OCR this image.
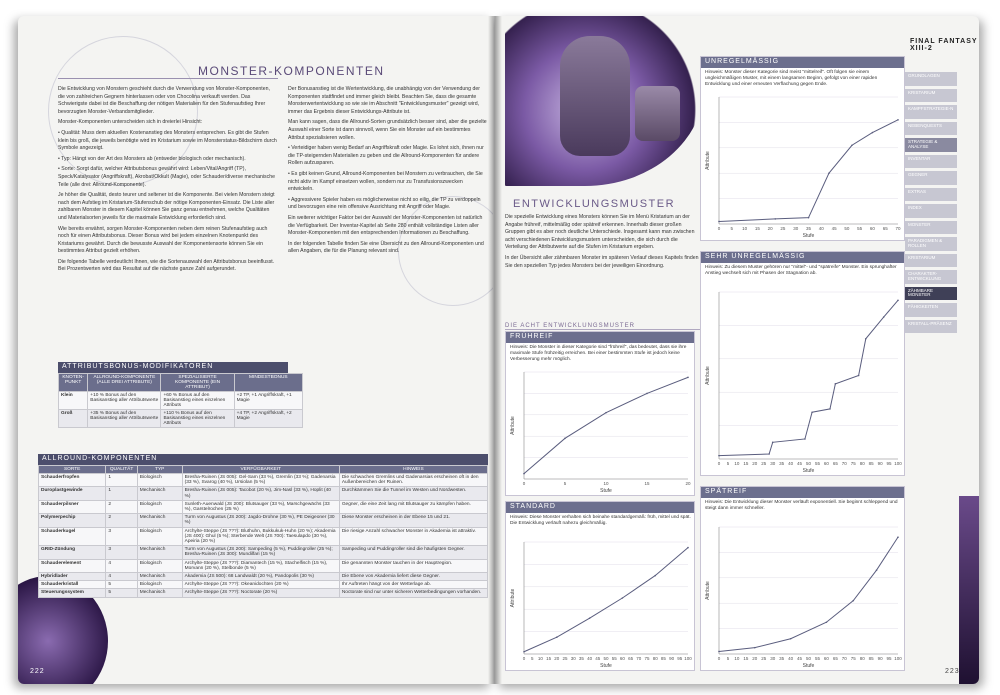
MONSTER-KOMPONENTEN

Die Entwicklung von Monstern geschieht durch die Verwendung von Monster-Komponenten, die von zahlreichen Gegnern hinterlassen oder von Chocolina verkauft werden. Das Schwierigste dabei ist die Beschaffung der nötigen Materialien für den Stufenaufstieg Ihrer bevorzugten Monster-Verbandsmitglieder.

Monster-Komponenten unterscheiden sich in dreierlei Hinsicht:

• Qualität: Muss dem aktuellen Kostenanstieg des Monsters entsprechen. Es gibt die Stufen klein bis groß, die jeweils benötigte wird im Kristarium sowie im Monsterstatus-Bildschirm durch Symbole angezeigt.

• Typ: Hängt von der Art des Monsters ab (entweder biologisch oder mechanisch).

• Sorte: Sorgt dafür, welcher Attributsbonus gewährt wird: Leben/Vital/Angriff (TP), Speck/Katalysator (Angriffskraft), Akrobat/Okkult (Magie), oder Schauder/diverse mechanische Teile (alle drei: Allround-Komponente).

Je höher die Qualität, desto teurer und seltener ist die Komponente. Bei vielen Monstern steigt nach dem Aufstieg im Kristarium-Stufenschub der nötige Komponenten-Einsatz. Die Liste aller zahlbaren Monster in diesem Kapitel können Sie ganz genau entnehmen, welche Qualitäten und Materialsorten jeweils für die maximale Entwicklung erforderlich sind.

Wie bereits erwähnt, sorgen Monster-Komponenten neben dem reinen Stufenaufstieg auch noch für einen Attributsbonus. Dieser Bonus wird bei jedem einzelnen Knotenpunkt des Kristariums gewährt. Durch die bewusste Auswahl der Komponentensorte können Sie ein bestimmtes Attribut gezielt erhöhen.

Die folgende Tabelle verdeutlicht Ihnen, wie die Sortenauswahl den Attributsbonus beeinflusst. Bei Prozentwerten wird das Resultat auf die nächste ganze Zahl aufgerundet.

Der Bonusanstieg ist die Wertentwicklung, die unabhängig von der Verwendung der Komponenten stattfindet und immer gleich bleibt. Beachten Sie, dass die gesamte Monsterwertentwicklung so wie sie im Abschnitt "Entwicklungsmuster" gezeigt wird, immer das Ergebnis dieser Entwicklungs-Attribute ist.

Man kann sagen, dass die Allround-Sorten grundsätzlich besser sind, aber die gezielte Auswahl einer Sorte ist dann sinnvoll, wenn Sie ein Monster auf ein bestimmtes Attribut spezialisieren wollen.

• Verteidiger haben wenig Bedarf an Angriffskraft oder Magie. Es lohnt sich, ihnen nur die TP-steigernden Materialien zu geben und die Allround-Komponenten für andere Rollen aufzusparen.

• Es gibt keinen Grund, Allround-Komponenten bei Monstern zu verbrauchen, die Sie nicht aktiv im Kampf einsetzen wollen, sondern nur zu Transfusionszwecken entwickeln.

• Aggressivere Spieler haben es möglicherweise nicht so eilig, die TP zu verdoppeln und bevorzugen eine rein offensive Ausrichtung mit Angriff oder Magie.

Ein weiterer wichtiger Faktor bei der Auswahl der Monster-Komponenten ist natürlich die Verfügbarkeit. Der Inventar-Kapitel ab Seite 280 enthält vollständige Listen aller Monster-Komponenten mit den entsprechenden Informationen zu Beschaffung.

In der folgenden Tabelle finden Sie eine Übersicht zu den Allround-Komponenten und allen Angaben, die für die Planung relevant sind.

ATTRIBUTSBONUS-MODIFIKATOREN
KNOTEN-PUNKT	ALLROUND-KOMPONENTE (ALLE DREI ATTRIBUTE)	SPEZIALISIERTE KOMPONENTE (EIN ATTRIBUT)	MINDESTBONUS
Klein	+10 % Bonus auf den Basisanstieg aller Attributswerte	+60 % Bonus auf den Basisanstieg eines einzelnen Attributs	+2 TP, +1 Angriffskraft, +1 Magie
Groß	+35 % Bonus auf den Basisanstieg aller Attributswerte	+110 % Bonus auf den Basisanstieg eines einzelnen Attributs	+4 TP, +2 Angriffskraft, +2 Magie
ALLROUND-KOMPONENTEN
SORTE	QUALITÄT	TYP	VERFÜGBARKEIT	HINWEIS
Schauderfropfen	1	Biologisch	Bresha-Ruinen (JS 005): Gel-Sam (33 %), Gremlin (33 %); Gadenarsia (33 %), Svarog (40 %), Ursiolan (5 %)	Die schwachen Gremlins und Gadenarsias erscheinen oft in den Außenbereichen der Ruinen.
Duroplastgewinde	1	Mechanisch	Bresha-Ruinen (JS 005): Tacobot (20 %), Jim-Nasl (33 %), Hoplit (40 %)	Durchkämmen Sie die Tunnel im Westen und Nordwesten.
Schauderpilsner	2	Biologisch	Sunleth-Auenwald (JS 200): Blutsauger (33 %), Marschgewächs (33 %), Garstelrochen (25 %)	Gegner, die eine Zeit lang mit Blutsauger zu kämpfen haben.
Polymerpechip	2	Mechanisch	Turm von Augustus (JS 200): Jagdo-Drohne (30 %), PE Deigeoner (30 %)	Diese Monster erscheinen in der Ebene 15 und 21.
Schauderkugel	3	Biologisch	Archylte-Steppe (JS ???): Bluthuhn, Bukkukuk-Huhn (20 %); Akademia (JS 400): Ghul (5 %); Sterbende Welt (JS 700): Taesulapdo (30 %), Apeiria (20 %)	Die riesige Anzahl schwacher Monster in Akademia ist attraktiv.
GRID-Zündung	3	Mechanisch	Turm von Augustus (JS 200): Sampeding (5 %), Puddingroller (25 %); Bresha-Ruinen (JS 300): Mundilfari (15 %)	Sampeding und Puddingroller sind die häufigsten Gegner.
Schauderelement	4	Biologisch	Archylte-Steppe (JS ???): Diamantech (15 %), Stachelfisch (15 %), Morvann (20 %), Stelbonde (5 %)	Die genannten Monster tauchen in der Hauptregion.
Hybridlader	4	Mechanisch	Akademia (JS 500): 68 Landwaldt (20 %), Pandopolis (30 %)	Die Ebene von Akademia liefert diese Gegner.
Schauderkristall	5	Biologisch	Archylte-Steppe (JS ???): Okeanidochten (20 %)	Ihr Auftreten hängt von der Wetterlage ab.
Steuerungssystem	5	Mechanisch	Archylte-Steppe (JS ???): Noctorate (20 %)	Noctorate sind nur unter sicheren Wetterbedingungen vorhanden.
222
FINAL FANTASY XIII-2
ENTWICKLUNGSMUSTER

Die spezielle Entwicklung eines Monsters können Sie im Menü Kristarium an der Angabe frühreif, mittelmäßig oder spätreif erkennen. Innerhalb dieser großen Gruppen gibt es aber noch deutliche Unterschiede. Insgesamt kann man zwischen acht verschiedenen Entwicklungsmustern unterscheiden, die sich durch die Verteilung der Attributwerte auf die Stufen im Kristarium ergeben.

In der Übersicht aller zähmbaren Monster im späteren Verlauf dieses Kapitels finden Sie den speziellen Typ jedes Monsters bei der jeweiligen Einordnung.

DIE ACHT ENTWICKLUNGSMUSTER
GRUNDLAGEN
KRISTARIUM
KAMPFSTRATEGIE-N
NEBENQUESTS
STRATEGIE & ANALYSE
INVENTAR
GEGNER
EXTRAS
INDEX
MONSTER
PARADIGMEN & ROLLEN
KRISTARIUM
CHARAKTER-ENTWICKLUNG
ZÄHMBARE MONSTER
FÄHIGKEITEN
KRISTALL-PRÄSENZ
UNREGELMÄSSIG
Hinweis: Monster dieser Kategorie sind meist "mittelreif". Oft folgen sie einem ungleichmäßigen Muster, mit einem langsamen Beginn, gefolgt von einer rapiden Entwicklung und einer erneuten Verflachung gegen Ende.
0 5 10 15 20 25 30 35 40 45 50 55 60 65 70
Stufe
Attribute
SEHR UNREGELMÄSSIG
Hinweis: Zu diesem Muster gehören nur "mittel"- und "spätreife" Monster. Ein sprunghafter Anstieg wechselt sich mit Phasen der Stagnation ab.
0 5 10 15 20 25 30 35 40 45 50 55 60 65 70 75 80 85 90 95 100
Stufe
Attribute
SPÄTREIF
Hinweis: Die Entwicklung dieser Monster verläuft exponentiell. Sie beginnt schleppend und steigt dann immer schneller.
0 5 10 15 20 25 30 35 40 45 50 55 60 65 70 75 80 85 90 95 100
Stufe
Attribute
FRÜHREIF
Hinweis: Die Monster in dieser Kategorie sind "frühreif", das bedeutet, dass sie ihre maximale Stufe frühzeitig erreichen. Bei einer bestimmten Stufe ist jedoch keine Verbesserung mehr möglich.
0	5	10	15	20
Stufe
Attribute
STANDARD
Hinweis: Diese Monster verhalten sich beinahe standardgemäß: früh, mittel und spät. Die Entwicklung verläuft nahezu gleichmäßig.
0 5 10 15 20 25 30 35 40 45 50 55 60 65 70 75 80 85 90 95 100
Stufe
Attribute
223
